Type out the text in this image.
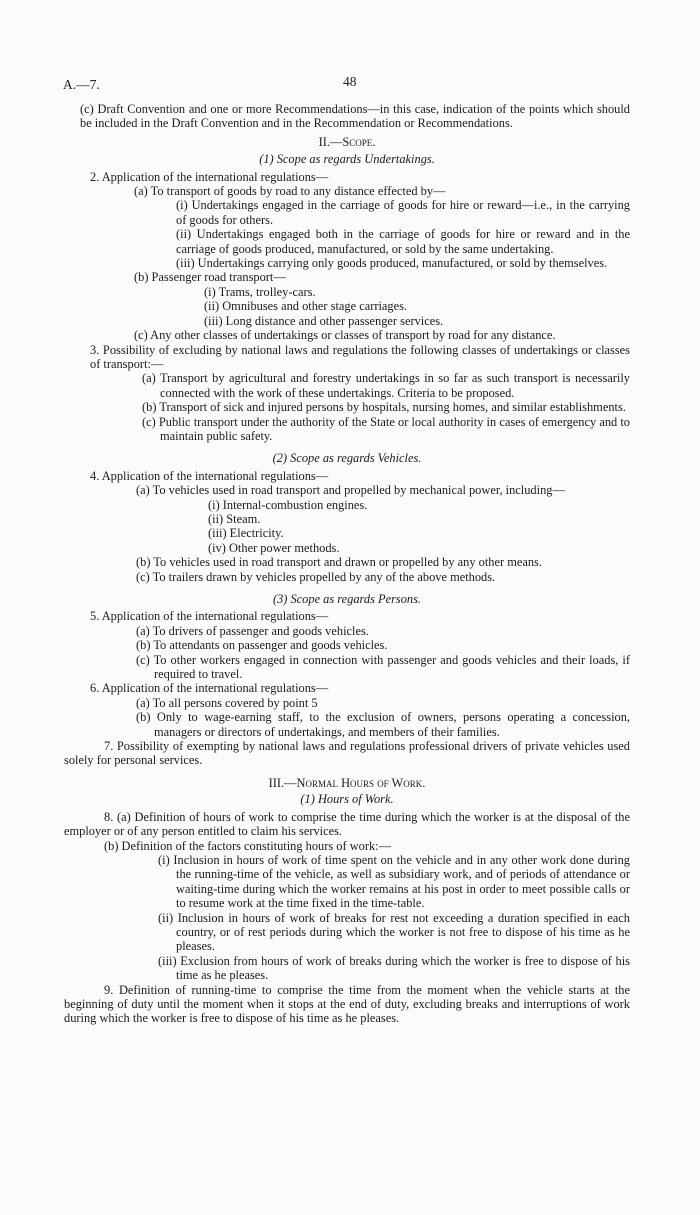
A.—7.	48

(c) Draft Convention and one or more Recommendations—in this case, indication of the points which should be included in the Draft Convention and in the Recommendation or Recommendations.

II.—Scope.

(1) Scope as regards Undertakings.

2. Application of the international regulations—

(a) To transport of goods by road to any distance effected by—

(i) Undertakings engaged in the carriage of goods for hire or reward—i.e., in the carrying of goods for others.

(ii) Undertakings engaged both in the carriage of goods for hire or reward and in the carriage of goods produced, manufactured, or sold by the same undertaking.

(iii) Undertakings carrying only goods produced, manufactured, or sold by themselves.

(b) Passenger road transport—

(i) Trams, trolley-cars.

(ii) Omnibuses and other stage carriages.

(iii) Long distance and other passenger services.

(c) Any other classes of undertakings or classes of transport by road for any distance.

3. Possibility of excluding by national laws and regulations the following classes of undertakings or classes of transport:—

(a) Transport by agricultural and forestry undertakings in so far as such transport is necessarily connected with the work of these undertakings. Criteria to be proposed.

(b) Transport of sick and injured persons by hospitals, nursing homes, and similar establishments.

(c) Public transport under the authority of the State or local authority in cases of emergency and to maintain public safety.

(2) Scope as regards Vehicles.

4. Application of the international regulations—

(a) To vehicles used in road transport and propelled by mechanical power, including—

(i) Internal-combustion engines.

(ii) Steam.

(iii) Electricity.

(iv) Other power methods.

(b) To vehicles used in road transport and drawn or propelled by any other means.

(c) To trailers drawn by vehicles propelled by any of the above methods.

(3) Scope as regards Persons.

5. Application of the international regulations—

(a) To drivers of passenger and goods vehicles.

(b) To attendants on passenger and goods vehicles.

(c) To other workers engaged in connection with passenger and goods vehicles and their loads, if required to travel.

6. Application of the international regulations—

(a) To all persons covered by point 5

(b) Only to wage-earning staff, to the exclusion of owners, persons operating a concession, managers or directors of undertakings, and members of their families.

7. Possibility of exempting by national laws and regulations professional drivers of private vehicles used solely for personal services.

III.—Normal Hours of Work.

(1) Hours of Work.

8. (a) Definition of hours of work to comprise the time during which the worker is at the disposal of the employer or of any person entitled to claim his services.

(b) Definition of the factors constituting hours of work:—

(i) Inclusion in hours of work of time spent on the vehicle and in any other work done during the running-time of the vehicle, as well as subsidiary work, and of periods of attendance or waiting-time during which the worker remains at his post in order to meet possible calls or to resume work at the time fixed in the time-table.

(ii) Inclusion in hours of work of breaks for rest not exceeding a duration specified in each country, or of rest periods during which the worker is not free to dispose of his time as he pleases.

(iii) Exclusion from hours of work of breaks during which the worker is free to dispose of his time as he pleases.

9. Definition of running-time to comprise the time from the moment when the vehicle starts at the beginning of duty until the moment when it stops at the end of duty, excluding breaks and interruptions of work during which the worker is free to dispose of his time as he pleases.
